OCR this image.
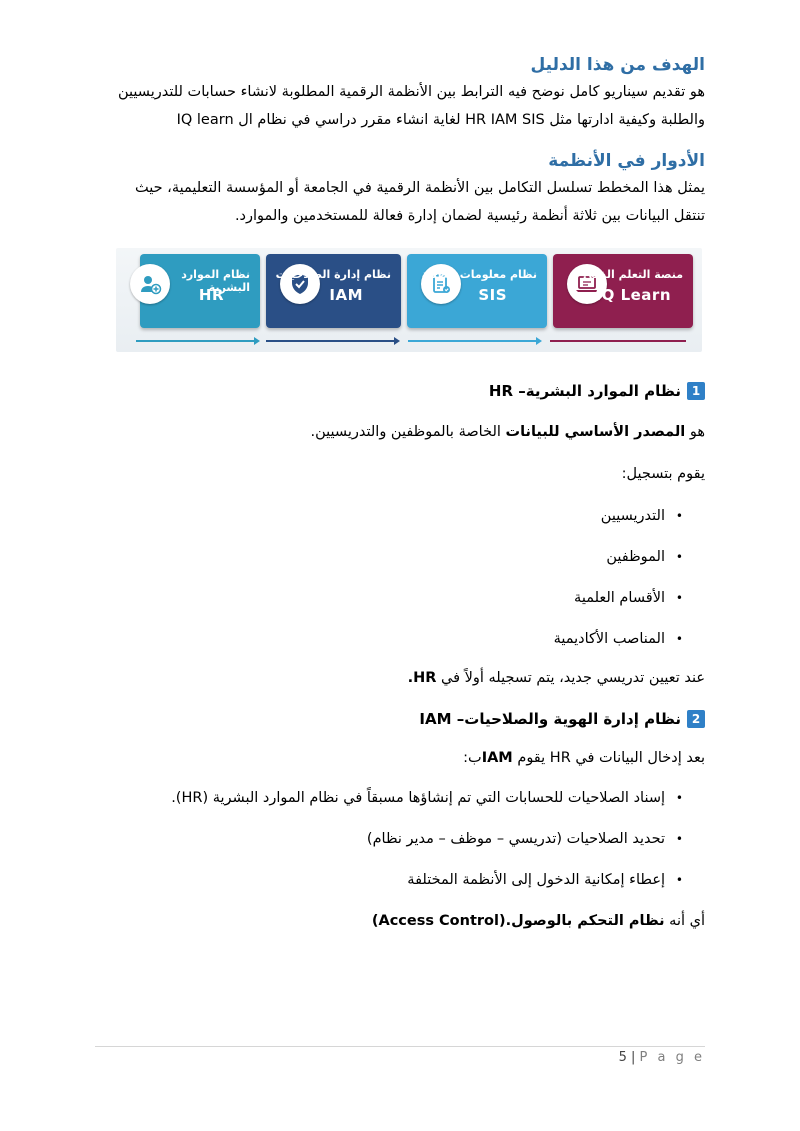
الهدف من هذا الدليل

هو تقديم سيناريو كامل نوضح فيه الترابط بين الأنظمة الرقمية المطلوبة لانشاء حسابات للتدريسيين

والطلبة وكيفية ادارتها مثل HR IAM SIS لغاية انشاء مقرر دراسي في نظام ال IQ learn

الأدوار في الأنظمة

يمثل هذا المخطط تسلسل التكامل بين الأنظمة الرقمية في الجامعة أو المؤسسة التعليمية، حيث

تنتقل البيانات بين ثلاثة أنظمة رئيسية لضمان إدارة فعالة للمستخدمين والموارد.

نظام الموارد البشرية
HR
نظام إدارة الصلاحيات
IAM
نظام معلومات الطلبة
SIS
منصة التعلم الذكي
IQ Learn
1
نظام الموارد البشرية– HR

هو المصدر الأساسي للبيانات الخاصة بالموظفين والتدريسيين.

يقوم بتسجيل:

• التدريسيين
• الموظفين
• الأقسام العلمية
• المناصب الأكاديمية

عند تعيين تدريسي جديد، يتم تسجيله أولاً في HR.

2
نظام إدارة الهوية والصلاحيات– IAM

بعد إدخال البيانات في HR يقوم IAMب:

• إسناد الصلاحيات للحسابات التي تم إنشاؤها مسبقاً في نظام الموارد البشرية (HR).
• تحديد الصلاحيات (تدريسي – موظف – مدير نظام)
• إعطاء إمكانية الدخول إلى الأنظمة المختلفة

أي أنه نظام التحكم بالوصول.(Access Control)

5 | P a g e
